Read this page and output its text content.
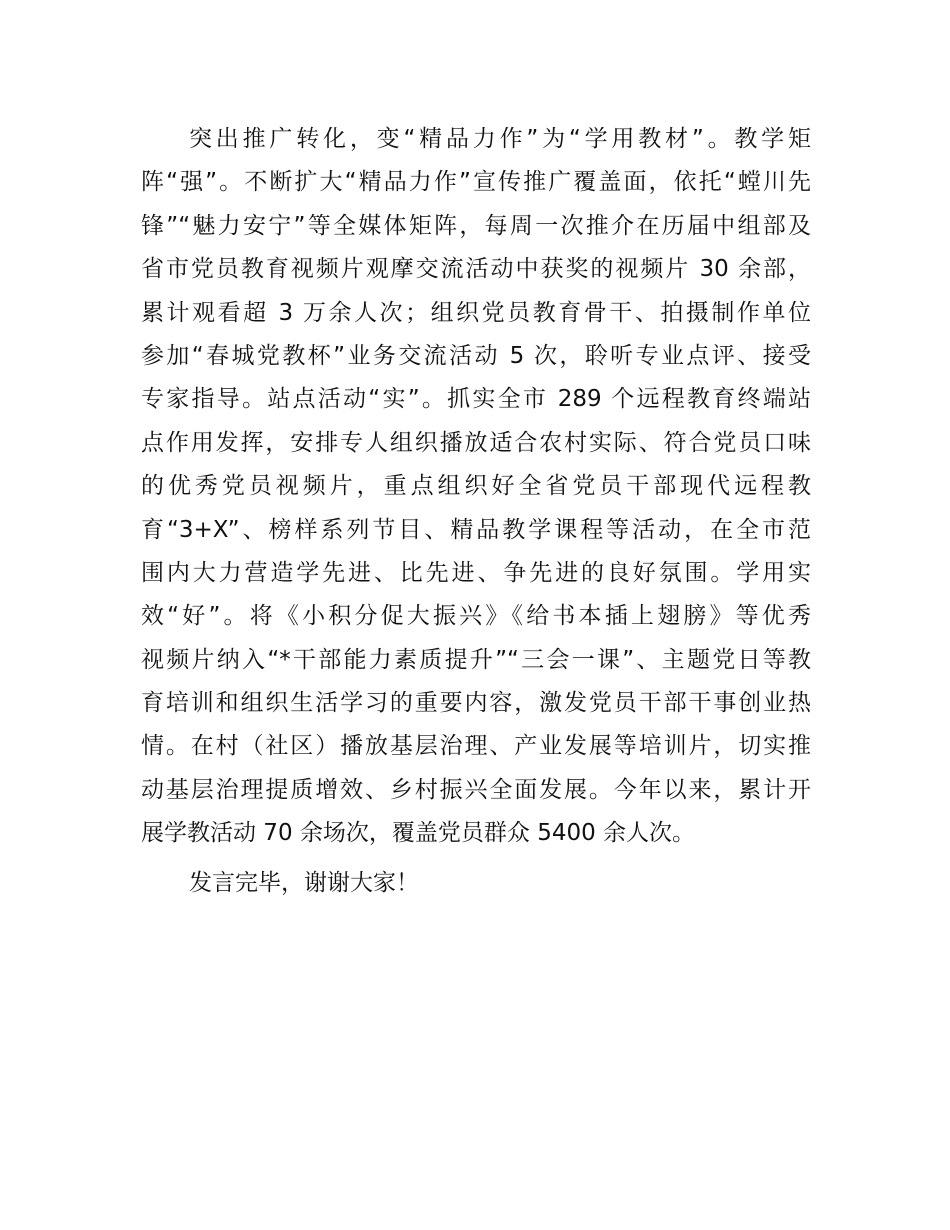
突出推广转化，变“精品力作”为“学用教材”。教学矩
阵“强”。不断扩大“精品力作”宣传推广覆盖面，依托“螳川先
锋”“魅力安宁”等全媒体矩阵，每周一次推介在历届中组部及
省市党员教育视频片观摩交流活动中获奖的视频片 30 余部，
累计观看超 3 万余人次；组织党员教育骨干、拍摄制作单位
参加“春城党教杯”业务交流活动 5 次，聆听专业点评、接受
专家指导。站点活动“实”。抓实全市 289 个远程教育终端站
点作用发挥，安排专人组织播放适合农村实际、符合党员口味
的优秀党员视频片，重点组织好全省党员干部现代远程教
育“3+X”、榜样系列节目、精品教学课程等活动，在全市范
围内大力营造学先进、比先进、争先进的良好氛围。学用实
效“好”。将《小积分促大振兴》《给书本插上翅膀》等优秀
视频片纳入“*干部能力素质提升”“三会一课”、主题党日等教
育培训和组织生活学习的重要内容，激发党员干部干事创业热
情。在村（社区）播放基层治理、产业发展等培训片，切实推
动基层治理提质增效、乡村振兴全面发展。今年以来，累计开
展学教活动 70 余场次，覆盖党员群众 5400 余人次。
发言完毕，谢谢大家！
